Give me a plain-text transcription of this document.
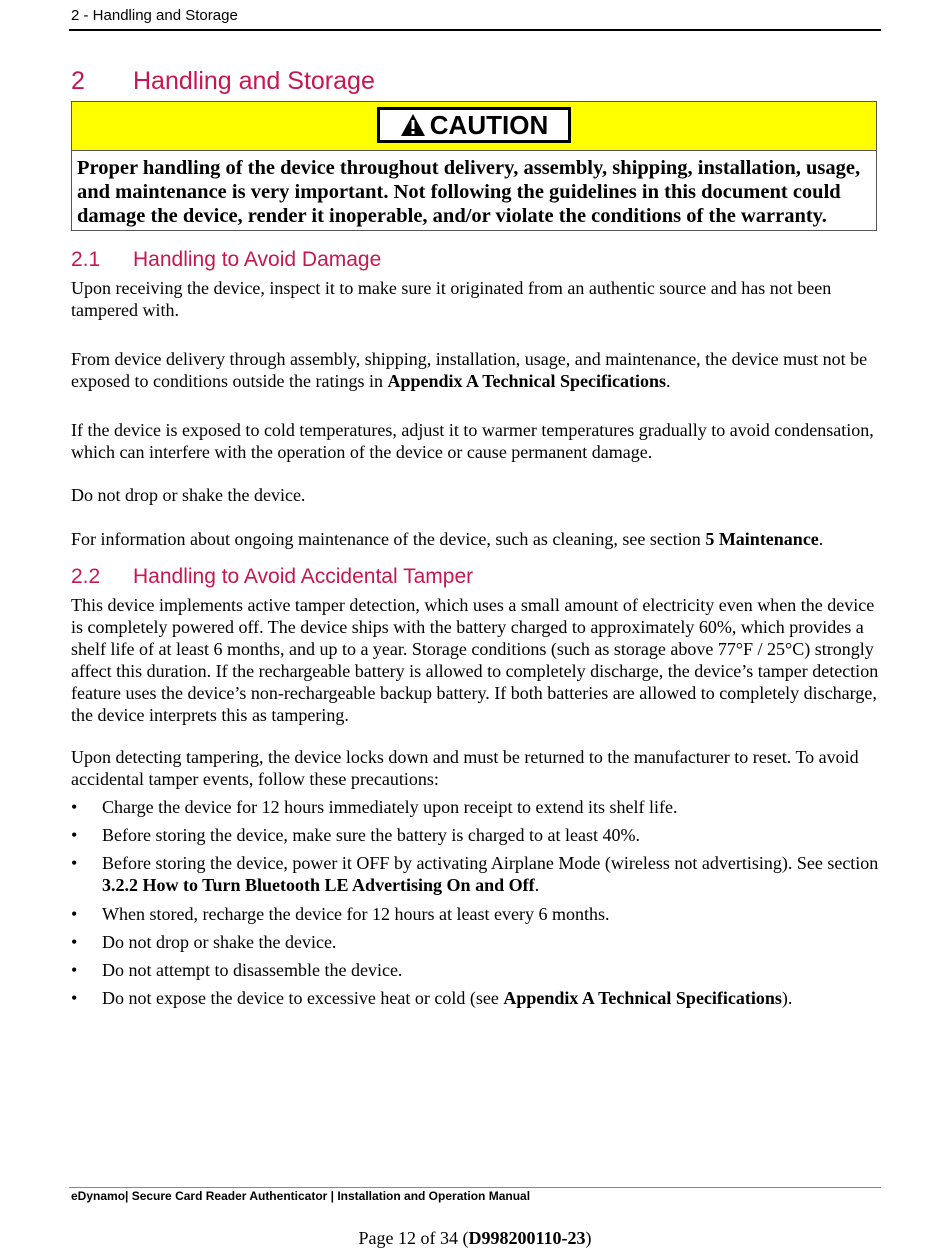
2 - Handling and Storage
2 Handling and Storage
CAUTION

Proper handling of the device throughout delivery, assembly, shipping, installation, usage, and maintenance is very important. Not following the guidelines in this document could damage the device, render it inoperable, and/or violate the conditions of the warranty.

2.1 Handling to Avoid Damage

Upon receiving the device, inspect it to make sure it originated from an authentic source and has not been tampered with.

From device delivery through assembly, shipping, installation, usage, and maintenance, the device must not be exposed to conditions outside the ratings in Appendix A Technical Specifications.

If the device is exposed to cold temperatures, adjust it to warmer temperatures gradually to avoid condensation, which can interfere with the operation of the device or cause permanent damage.

Do not drop or shake the device.

For information about ongoing maintenance of the device, such as cleaning, see section 5 Maintenance.

2.2 Handling to Avoid Accidental Tamper

This device implements active tamper detection, which uses a small amount of electricity even when the device is completely powered off. The device ships with the battery charged to approximately 60%, which provides a shelf life of at least 6 months, and up to a year. Storage conditions (such as storage above 77°F / 25°C) strongly affect this duration. If the rechargeable battery is allowed to completely discharge, the device’s tamper detection feature uses the device’s non-rechargeable backup battery. If both batteries are allowed to completely discharge, the device interprets this as tampering.

Upon detecting tampering, the device locks down and must be returned to the manufacturer to reset. To avoid accidental tamper events, follow these precautions:

• Charge the device for 12 hours immediately upon receipt to extend its shelf life.
• Before storing the device, make sure the battery is charged to at least 40%.
• Before storing the device, power it OFF by activating Airplane Mode (wireless not advertising). See section 3.2.2 How to Turn Bluetooth LE Advertising On and Off.
• When stored, recharge the device for 12 hours at least every 6 months.
• Do not drop or shake the device.
• Do not attempt to disassemble the device.
• Do not expose the device to excessive heat or cold (see Appendix A Technical Specifications).
eDynamo| Secure Card Reader Authenticator | Installation and Operation Manual
Page 12 of 34 (D998200110-23)
